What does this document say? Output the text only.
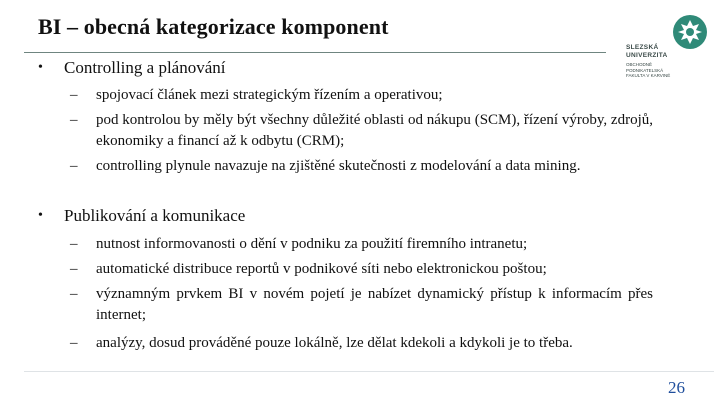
BI – obecná kategorizace komponent
SLEZSKÁ
UNIVERZITA
OBCHODNĚ PODNIKATELSKÁ FAKULTA V KARVINÉ
• Controlling a plánování
– spojovací článek mezi strategickým řízením a operativou;
– pod kontrolou by měly být všechny důležité oblasti od nákupu (SCM), řízení výroby, zdrojů, ekonomiky a financí až k odbytu (CRM);
– controlling plynule navazuje na zjištěné skutečnosti z modelování a data mining.
• Publikování a komunikace
– nutnost informovanosti o dění v podniku za použití firemního intranetu;
– automatické distribuce reportů v podnikové síti nebo elektronickou poštou;
– významným prvkem BI v novém pojetí je nabízet dynamický přístup k informacím přes internet;
– analýzy, dosud prováděné pouze lokálně, lze dělat kdekoli a kdykoli je to třeba.
26
